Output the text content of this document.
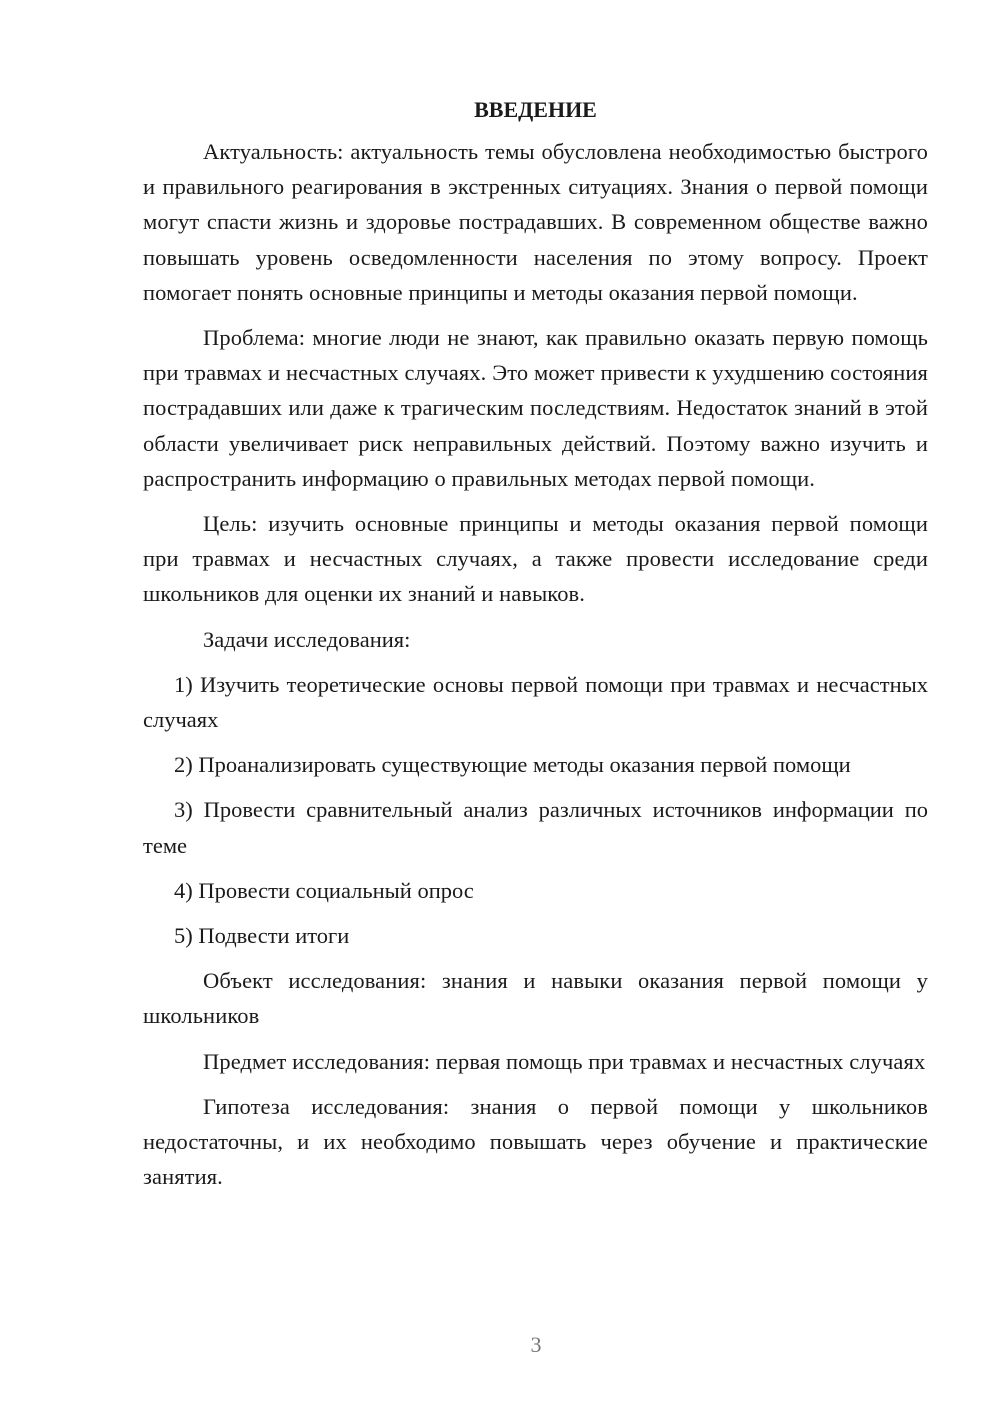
ВВЕДЕНИЕ

Актуальность: актуальность темы обусловлена необходимостью быстрого и правильного реагирования в экстренных ситуациях. Знания о первой помощи могут спасти жизнь и здоровье пострадавших. В современном обществе важно повышать уровень осведомленности населения по этому вопросу. Проект помогает понять основные принципы и методы оказания первой помощи.

Проблема: многие люди не знают, как правильно оказать первую помощь при травмах и несчастных случаях. Это может привести к ухудшению состояния пострадавших или даже к трагическим последствиям. Недостаток знаний в этой области увеличивает риск неправильных действий. Поэтому важно изучить и распространить информацию о правильных методах первой помощи.

Цель: изучить основные принципы и методы оказания первой помощи при травмах и несчастных случаях, а также провести исследование среди школьников для оценки их знаний и навыков.

Задачи исследования:

1) Изучить теоретические основы первой помощи при травмах и несчастных случаях

2) Проанализировать существующие методы оказания первой помощи

3) Провести сравнительный анализ различных источников информации по теме

4) Провести социальный опрос

5) Подвести итоги

Объект исследования: знания и навыки оказания первой помощи у школьников

Предмет исследования: первая помощь при травмах и несчастных случаях

Гипотеза исследования: знания о первой помощи у школьников недостаточны, и их необходимо повышать через обучение и практические занятия.

3
